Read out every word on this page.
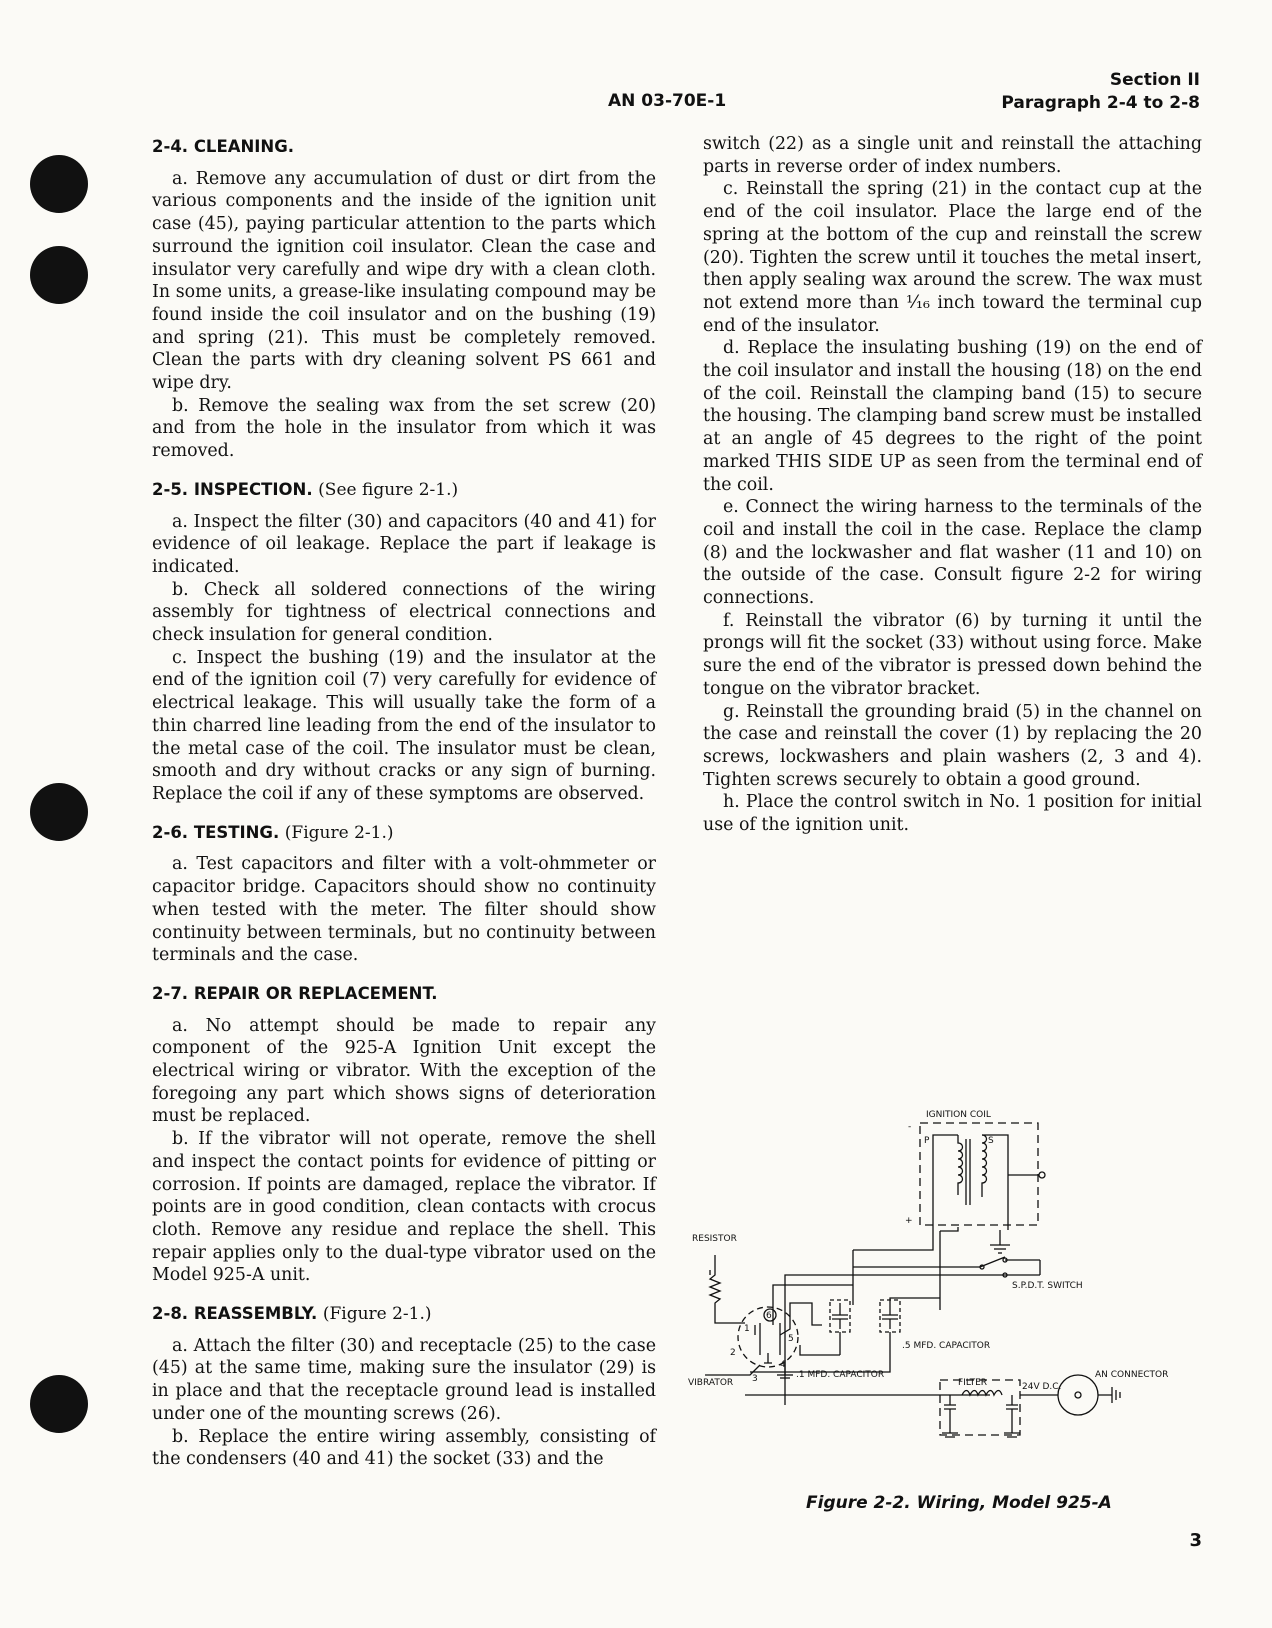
AN 03-70E-1
Section II
Paragraph 2-4 to 2-8
2-4. CLEANING.

a. Remove any accumulation of dust or dirt from the various components and the inside of the ignition unit case (45), paying particular attention to the parts which surround the ignition coil insulator. Clean the case and insulator very carefully and wipe dry with a clean cloth. In some units, a grease-like insulating compound may be found inside the coil insulator and on the bushing (19) and spring (21). This must be completely removed. Clean the parts with dry cleaning solvent PS 661 and wipe dry.

b. Remove the sealing wax from the set screw (20) and from the hole in the insulator from which it was removed.

2-5. INSPECTION. (See figure 2-1.)

a. Inspect the filter (30) and capacitors (40 and 41) for evidence of oil leakage. Replace the part if leakage is indicated.

b. Check all soldered connections of the wiring assembly for tightness of electrical connections and check insulation for general condition.

c. Inspect the bushing (19) and the insulator at the end of the ignition coil (7) very carefully for evidence of electrical leakage. This will usually take the form of a thin charred line leading from the end of the insulator to the metal case of the coil. The insulator must be clean, smooth and dry without cracks or any sign of burning. Replace the coil if any of these symptoms are observed.

2-6. TESTING. (Figure 2-1.)

a. Test capacitors and filter with a volt-ohmmeter or capacitor bridge. Capacitors should show no continuity when tested with the meter. The filter should show continuity between terminals, but no continuity between terminals and the case.

2-7. REPAIR OR REPLACEMENT.

a. No attempt should be made to repair any component of the 925-A Ignition Unit except the electrical wiring or vibrator. With the exception of the foregoing any part which shows signs of deterioration must be replaced.

b. If the vibrator will not operate, remove the shell and inspect the contact points for evidence of pitting or corrosion. If points are damaged, replace the vibrator. If points are in good condition, clean contacts with crocus cloth. Remove any residue and replace the shell. This repair applies only to the dual-type vibrator used on the Model 925-A unit.

2-8. REASSEMBLY. (Figure 2-1.)

a. Attach the filter (30) and receptacle (25) to the case (45) at the same time, making sure the insulator (29) is in place and that the receptacle ground lead is installed under one of the mounting screws (26).

b. Replace the entire wiring assembly, consisting of the condensers (40 and 41) the socket (33) and the

switch (22) as a single unit and reinstall the attaching parts in reverse order of index numbers.

c. Reinstall the spring (21) in the contact cup at the end of the coil insulator. Place the large end of the spring at the bottom of the cup and reinstall the screw (20). Tighten the screw until it touches the metal insert, then apply sealing wax around the screw. The wax must not extend more than ¹⁄₁₆ inch toward the terminal cup end of the insulator.

d. Replace the insulating bushing (19) on the end of the coil insulator and install the housing (18) on the end of the coil. Reinstall the clamping band (15) to secure the housing. The clamping band screw must be installed at an angle of 45 degrees to the right of the point marked THIS SIDE UP as seen from the terminal end of the coil.

e. Connect the wiring harness to the terminals of the coil and install the coil in the case. Replace the clamp (8) and the lockwasher and flat washer (11 and 10) on the outside of the case. Consult figure 2-2 for wiring connections.

f. Reinstall the vibrator (6) by turning it until the prongs will fit the socket (33) without using force. Make sure the end of the vibrator is pressed down behind the tongue on the vibrator bracket.

g. Reinstall the grounding braid (5) in the channel on the case and reinstall the cover (1) by replacing the 20 screws, lockwashers and plain washers (2, 3 and 4). Tighten screws securely to obtain a good ground.

h. Place the control switch in No. 1 position for initial use of the ignition unit.

IGNITION COIL
P	S
-
+
S.P.D.T. SWITCH
RESISTOR
VIBRATOR
.1 MFD. CAPACITOR
.5 MFD. CAPACITOR
FILTER	24V D.C.
AN CONNECTOR
6
5
4
3
2
1
Figure 2-2. Wiring, Model 925-A
3
